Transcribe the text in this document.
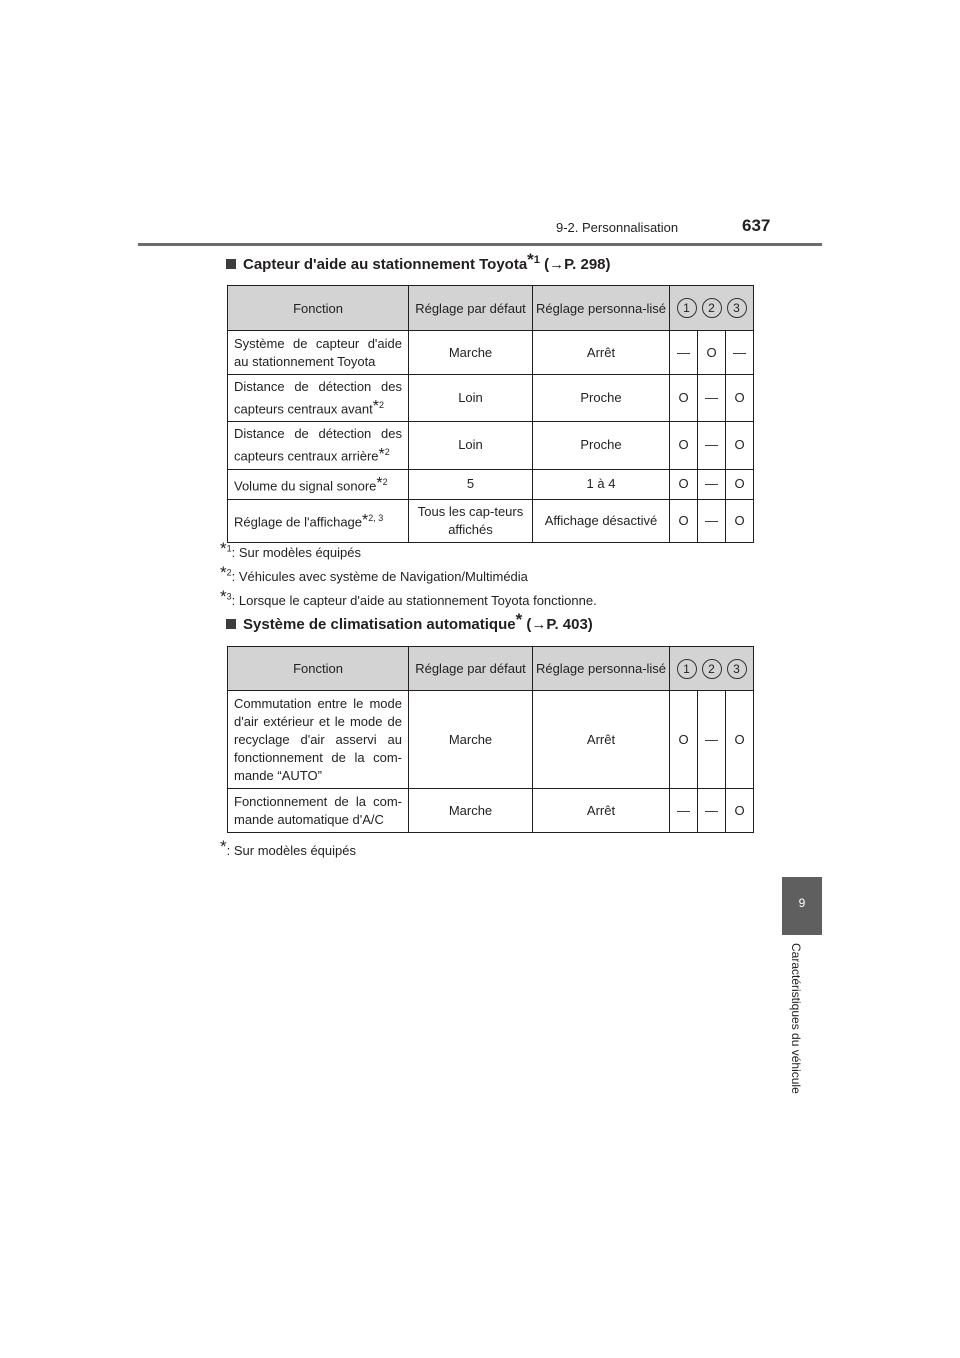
9-2. Personnalisation	637
9
Caractéristiques du véhicule
Capteur d'aide au stationnement Toyota*$^1$ (→P. 298)
Fonction	Réglage par défaut	Réglage personna-lisé	1 2 3		

Système de capteur d'aide au stationnement Toyota	Marche	Arrêt	—	O	—
Distance de détection des capteurs centraux avant*$^2$	Loin	Proche	O	—	O
Distance de détection des capteurs centraux arrière*$^2$	Loin	Proche	O	—	O
Volume du signal sonore*$^2$	5	1 à 4	O	—	O
Réglage de l'affichage*$^{2, 3}$	Tous les cap-teurs affichés	Affichage désactivé	O	—	O
*$^1$: Sur modèles équipés
*$^2$: Véhicules avec système de Navigation/Multimédia
*$^3$: Lorsque le capteur d'aide au stationnement Toyota fonctionne.
Système de climatisation automatique* (→P. 403)
Fonction	Réglage par défaut	Réglage personna-lisé	1 2 3		

Commutation entre le mode d'air extérieur et le mode de recyclage d'air asservi au fonctionnement de la com-mande “AUTO”	Marche	Arrêt	O	—	O
Fonctionnement de la com-mande automatique d'A/C	Marche	Arrêt	—	—	O
*: Sur modèles équipés
